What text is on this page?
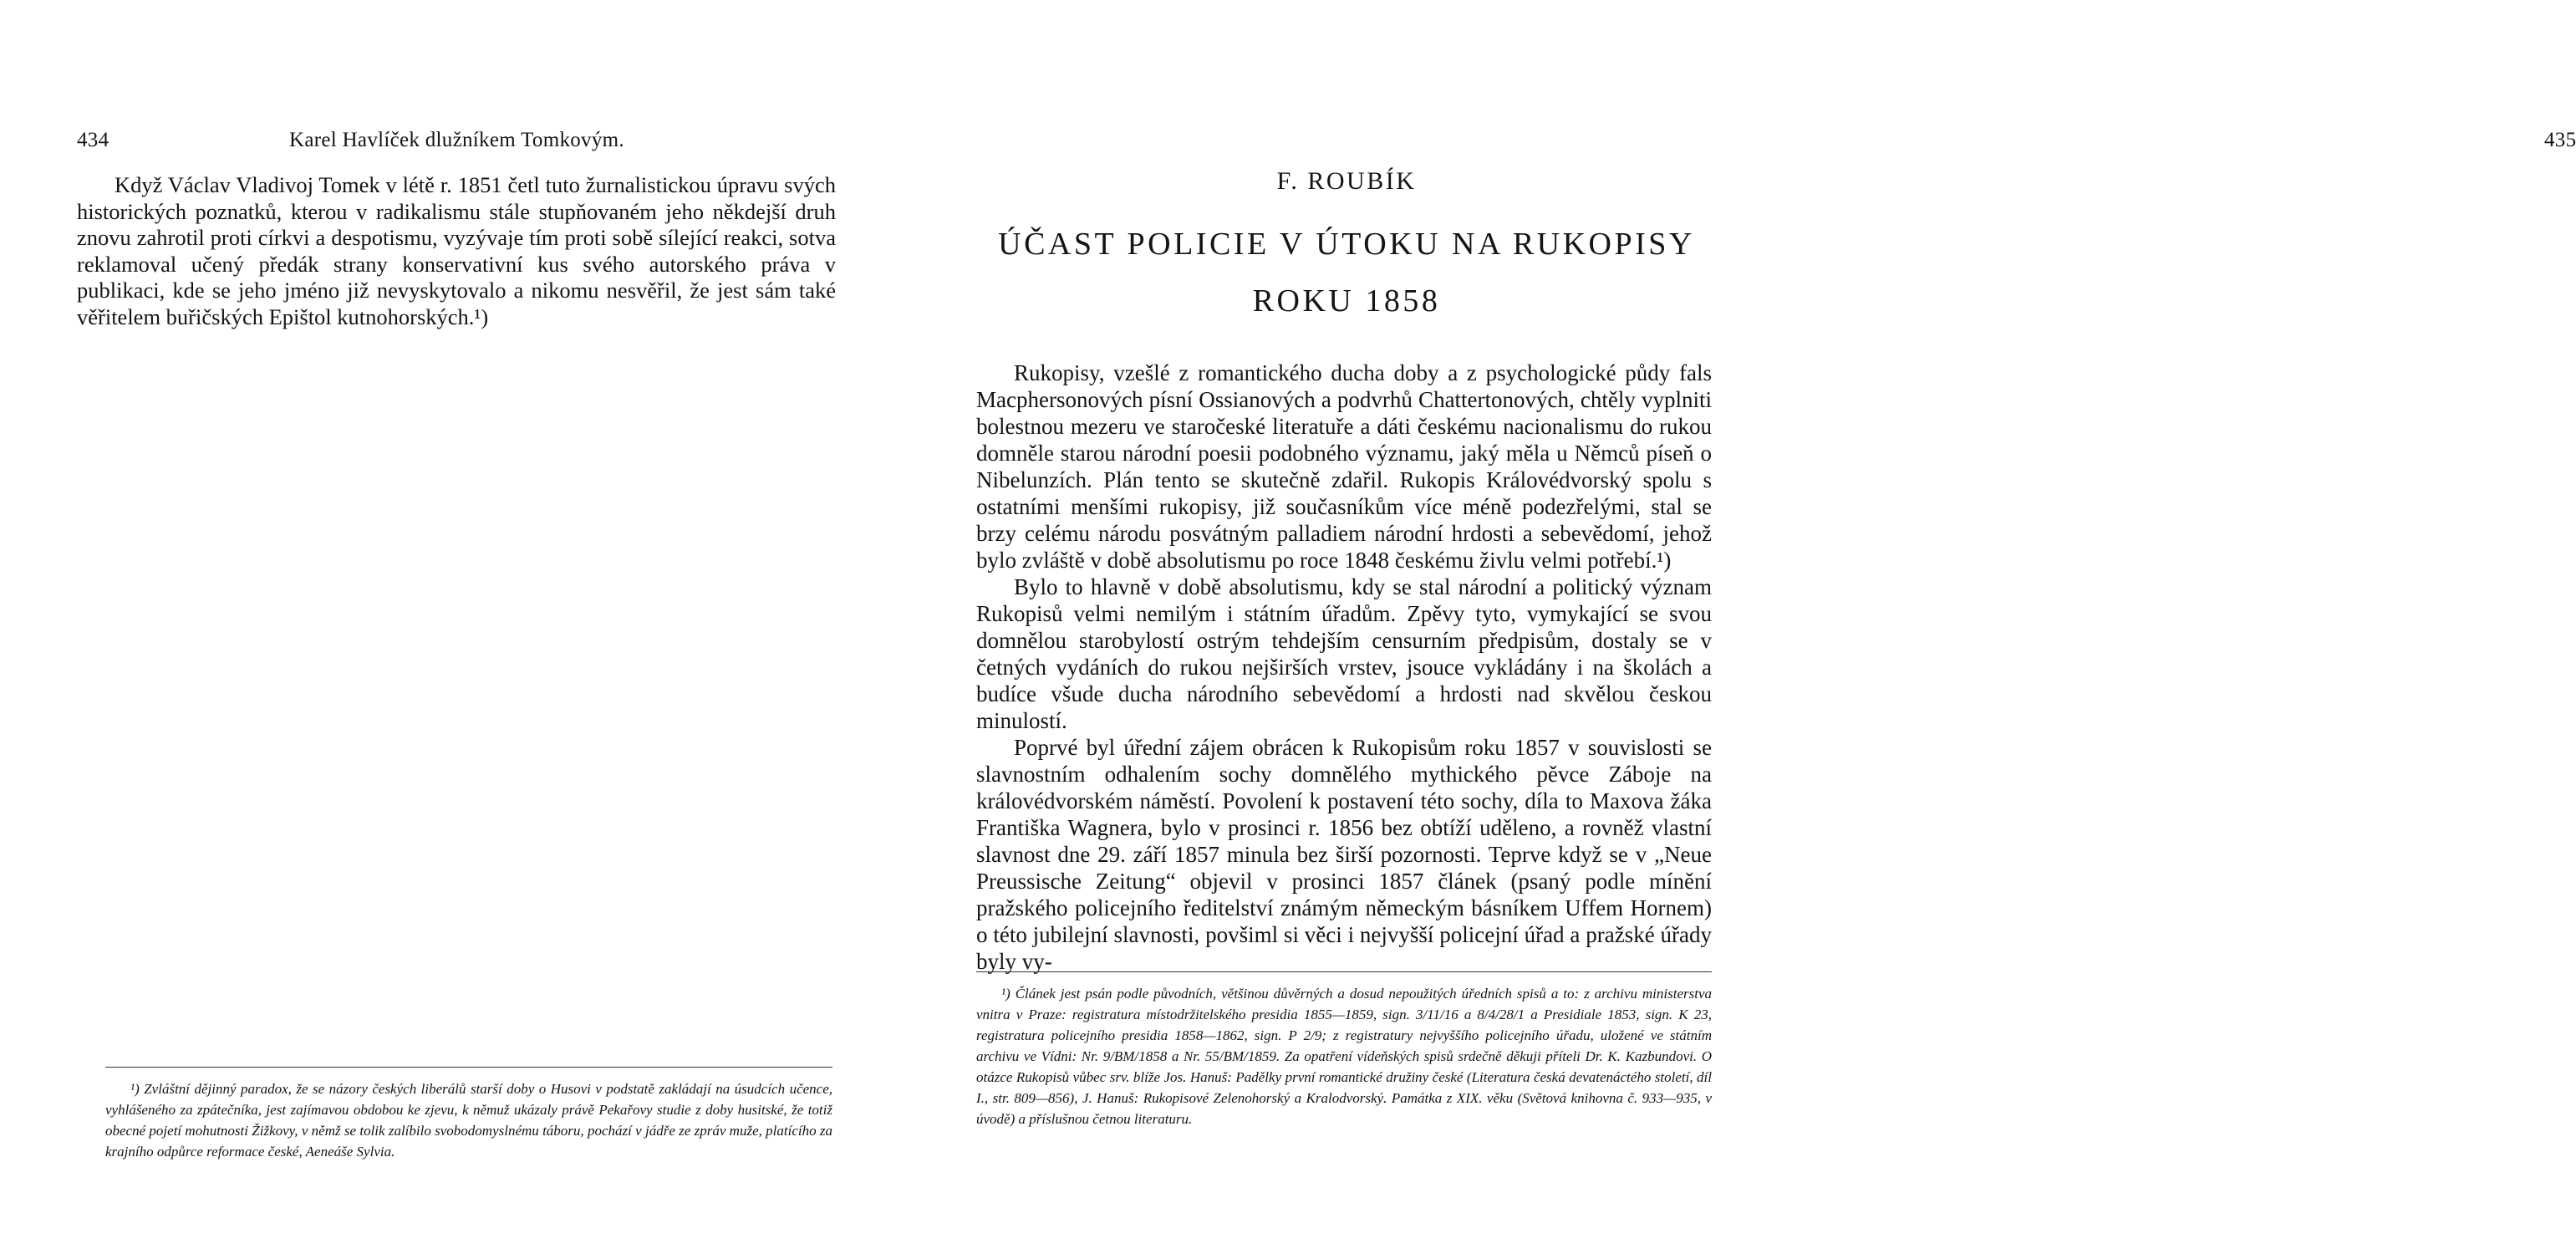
434	Karel Havlíček dlužníkem Tomkovým.

Když Václav Vladivoj Tomek v létě r. 1851 četl tuto žurnalistickou úpravu svých historických poznatků, kterou v radikalismu stále stupňovaném jeho někdejší druh znovu zahrotil proti církvi a despotismu, vyzývaje tím proti sobě sílející reakci, sotva reklamoval učený předák strany konservativní kus svého autorského práva v publikaci, kde se jeho jméno již nevyskytovalo a nikomu nesvěřil, že jest sám také věřitelem buřičských Epištol kutnohorských.¹)

¹) Zvláštní dějinný paradox, že se názory českých liberálů starší doby o Husovi v podstatě zakládají na úsudcích učence, vyhlášeného za zpátečníka, jest zajímavou obdobou ke zjevu, k němuž ukázaly právě Pekařovy studie z doby husitské, že totiž obecné pojetí mohutnosti Žižkovy, v němž se tolik zalíbilo svobodomyslnému táboru, pochází v jádře ze zpráv muže, platícího za krajního odpůrce reformace české, Aeneáše Sylvia.

435
F. ROUBÍK
ÚČAST POLICIE V ÚTOKU NA RUKOPISY
ROKU 1858

Rukopisy, vzešlé z romantického ducha doby a z psychologické půdy fals Macphersonových písní Ossianových a podvrhů Chattertonových, chtěly vyplniti bolestnou mezeru ve staročeské literatuře a dáti českému nacionalismu do rukou domněle starou národní poesii podobného významu, jaký měla u Němců píseň o Nibelunzích. Plán tento se skutečně zdařil. Rukopis Královédvorský spolu s ostatními menšími rukopisy, již současníkům více méně podezřelými, stal se brzy celému národu posvátným palladiem národní hrdosti a sebevědomí, jehož bylo zvláště v době absolutismu po roce 1848 českému živlu velmi potřebí.¹)

Bylo to hlavně v době absolutismu, kdy se stal národní a politický význam Rukopisů velmi nemilým i státním úřadům. Zpěvy tyto, vymykající se svou domnělou starobylostí ostrým tehdejším censurním předpisům, dostaly se v četných vydáních do rukou nejširších vrstev, jsouce vykládány i na školách a budíce všude ducha národního sebevědomí a hrdosti nad skvělou českou minulostí.

Poprvé byl úřední zájem obrácen k Rukopisům roku 1857 v souvislosti se slavnostním odhalením sochy domnělého mythického pěvce Záboje na královédvorském náměstí. Povolení k postavení této sochy, díla to Maxova žáka Františka Wagnera, bylo v prosinci r. 1856 bez obtíží uděleno, a rovněž vlastní slavnost dne 29. září 1857 minula bez širší pozornosti. Teprve když se v „Neue Preussische Zeitung“ objevil v prosinci 1857 článek (psaný podle mínění pražského policejního ředitelství známým německým básníkem Uffem Hornem) o této jubilejní slavnosti, povšiml si věci i nejvyšší policejní úřad a pražské úřady byly vy-

¹) Článek jest psán podle původních, většinou důvěrných a dosud nepoužitých úředních spisů a to: z archivu ministerstva vnitra v Praze: registratura místodržitelského presidia 1855—1859, sign. 3/11/16 a 8/4/28/1 a Presidiale 1853, sign. K 23, registratura policejního presidia 1858—1862, sign. P 2/9; z registratury nejvyššího policejního úřadu, uložené ve státním archivu ve Vídni: Nr. 9/BM/1858 a Nr. 55/BM/1859. Za opatření vídeňských spisů srdečně děkuji příteli Dr. K. Kazbundovi. O otázce Rukopisů vůbec srv. blíže Jos. Hanuš: Padělky první romantické družiny české (Literatura česká devatenáctého století, díl I., str. 809—856), J. Hanuš: Rukopisové Zelenohorský a Kralodvorský. Památka z XIX. věku (Světová knihovna č. 933—935, v úvodě) a příslušnou četnou literaturu.
